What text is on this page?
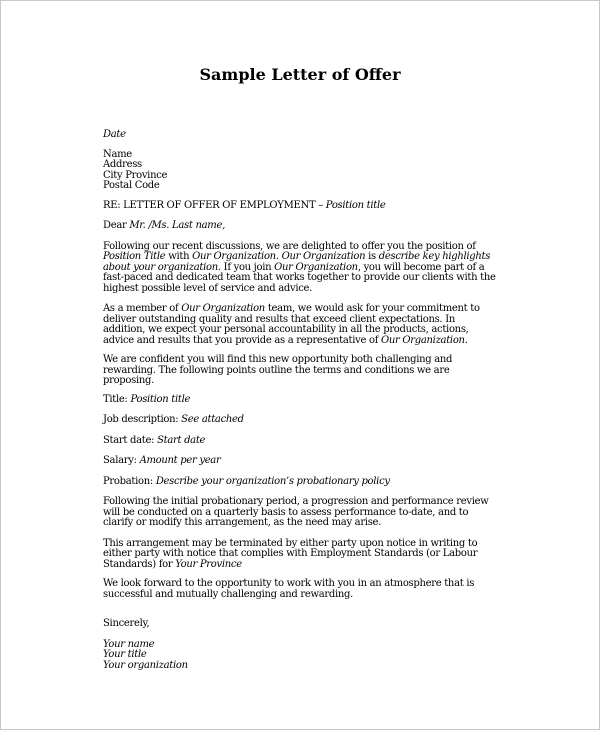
Sample Letter of Offer

Date

Name
Address
City Province
Postal Code

RE: LETTER OF OFFER OF EMPLOYMENT – Position title

Dear Mr. /Ms. Last name,

Following our recent discussions, we are delighted to offer you the position of Position Title with Our Organization. Our Organization is describe key highlights about your organization. If you join Our Organization, you will become part of a fast-paced and dedicated team that works together to provide our clients with the highest possible level of service and advice.

As a member of Our Organization team, we would ask for your commitment to deliver outstanding quality and results that exceed client expectations. In addition, we expect your personal accountability in all the products, actions, advice and results that you provide as a representative of Our Organization.

We are confident you will find this new opportunity both challenging and rewarding. The following points outline the terms and conditions we are proposing.

Title: Position title

Job description: See attached

Start date: Start date

Salary: Amount per year

Probation: Describe your organization’s probationary policy

Following the initial probationary period, a progression and performance review will be conducted on a quarterly basis to assess performance to-date, and to clarify or modify this arrangement, as the need may arise.

This arrangement may be terminated by either party upon notice in writing to either party with notice that complies with Employment Standards (or Labour Standards) for Your Province

We look forward to the opportunity to work with you in an atmosphere that is successful and mutually challenging and rewarding.

Sincerely,

Your name
Your title
Your organization
